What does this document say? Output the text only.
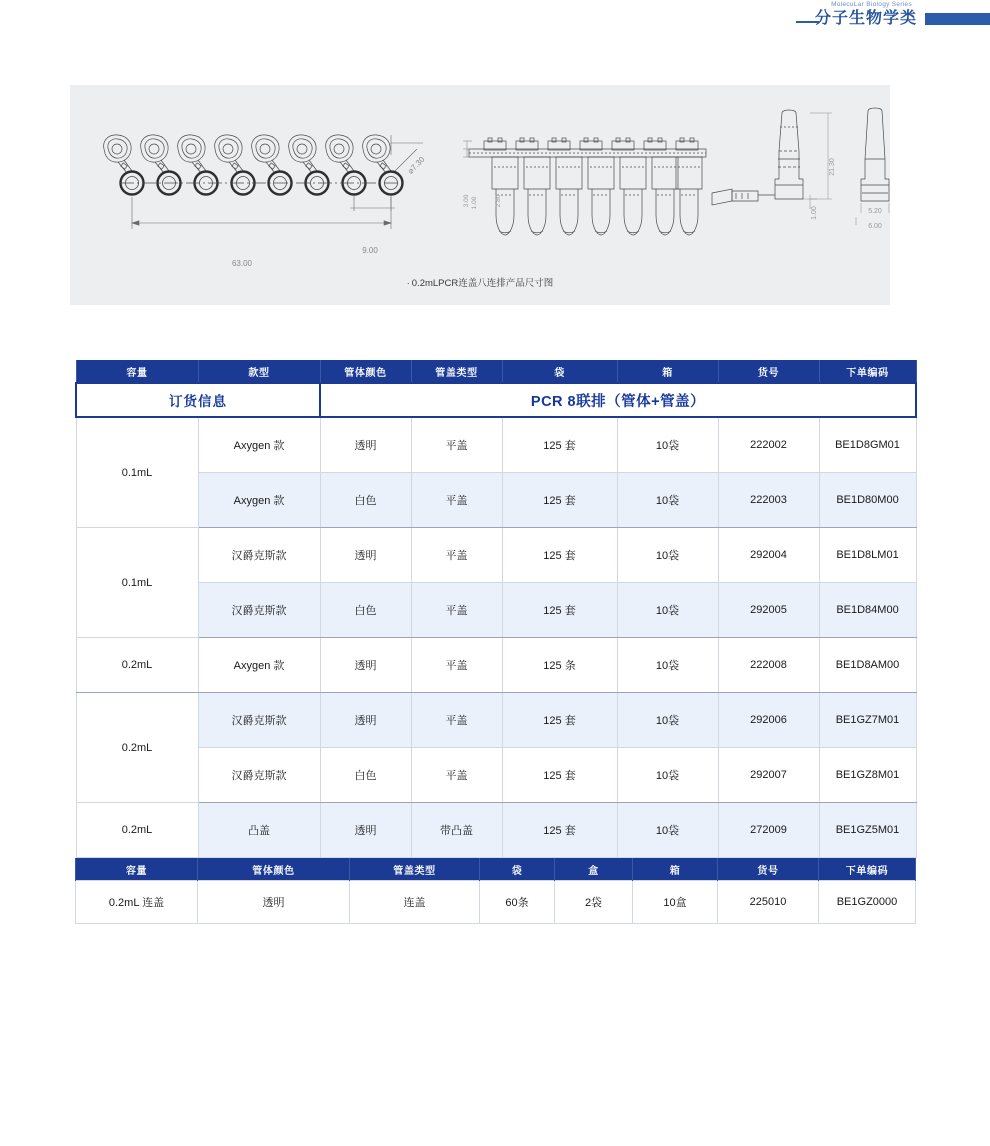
MolecuLar Biology Series
分子生物学类
63.00
9.00
⌀7.30
3.00 1.00	2.80
21.30
1.00	5.20
6.00
· 0.2mLPCR连盖八连排产品尺寸图
订货信息		PCR 8联排（管体+管盖）					
容量	款型	管体颜色	管盖类型	袋	箱	货号	下单编码
0.1mL	Axygen 款	透明	平盖	125 套	10袋	222002	BE1D8GM01
	Axygen 款	白色	平盖	125 套	10袋	222003	BE1D80M00
0.1mL	汉爵克斯款	透明	平盖	125 套	10袋	292004	BE1D8LM01
	汉爵克斯款	白色	平盖	125 套	10袋	292005	BE1D84M00
0.2mL	Axygen 款	透明	平盖	125 条	10袋	222008	BE1D8AM00
0.2mL	汉爵克斯款	透明	平盖	125 套	10袋	292006	BE1GZ7M01
	汉爵克斯款	白色	平盖	125 套	10袋	292007	BE1GZ8M01
0.2mL	凸盖	透明	带凸盖	125 套	10袋	272009	BE1GZ5M01
容量	管体颜色	管盖类型	袋	盒	箱	货号	下单编码
0.2mL 连盖	透明	连盖	60条	2袋	10盒	225010	BE1GZ0000
